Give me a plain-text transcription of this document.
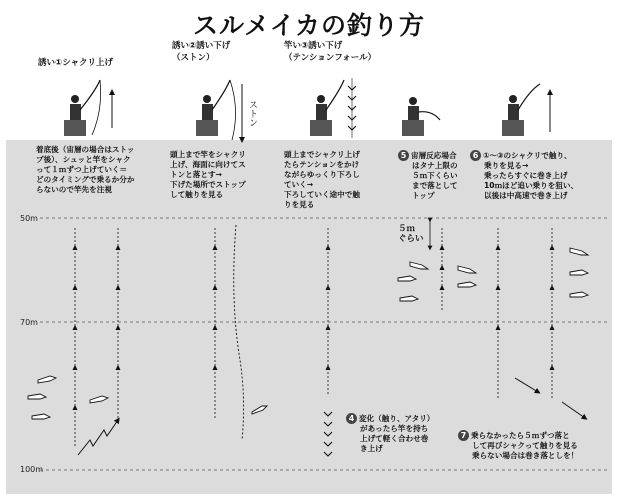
スルメイカの釣り方
誘い①シャクリ上げ
誘い②誘い下げ
（ストン）
竿い③誘い下げ
（テンションフォール）
着底後（宙層の場合はストッ
プ後）、シュッと竿をシャク
って１ｍずつ上げていく＝
どのタイミングで乗るか分か
らないので竿先を注視
頭上まで竿をシャクリ
上げ、海面に向けてス
トンと落とす→
下げた場所でストップ
して触りを見る
頭上までシャクリ上げ
たらテンションをかけ
ながらゆっくり下ろし
ていく→
下ろしていく途中で触
りを見る
5 宙層反応場合
はタナ上限の
５ｍ下くらい
まで落として
トップ
6 ①〜③のシャクリで触り、
乗りを見る→
乗ったらすぐに巻き上げ
10ｍほど追い乗りを狙い、
以後は中高速で巻き上げ
５ｍ
ぐらい
4 変化（触り、アタリ）
があったら竿を持ち
上げて軽く合わせ巻
き上げ
7 乗らなかったら５ｍずつ落と
して再びシャクって触りを見る
乗らない場合は巻き落としを！
50m
70m
100m
ストン
